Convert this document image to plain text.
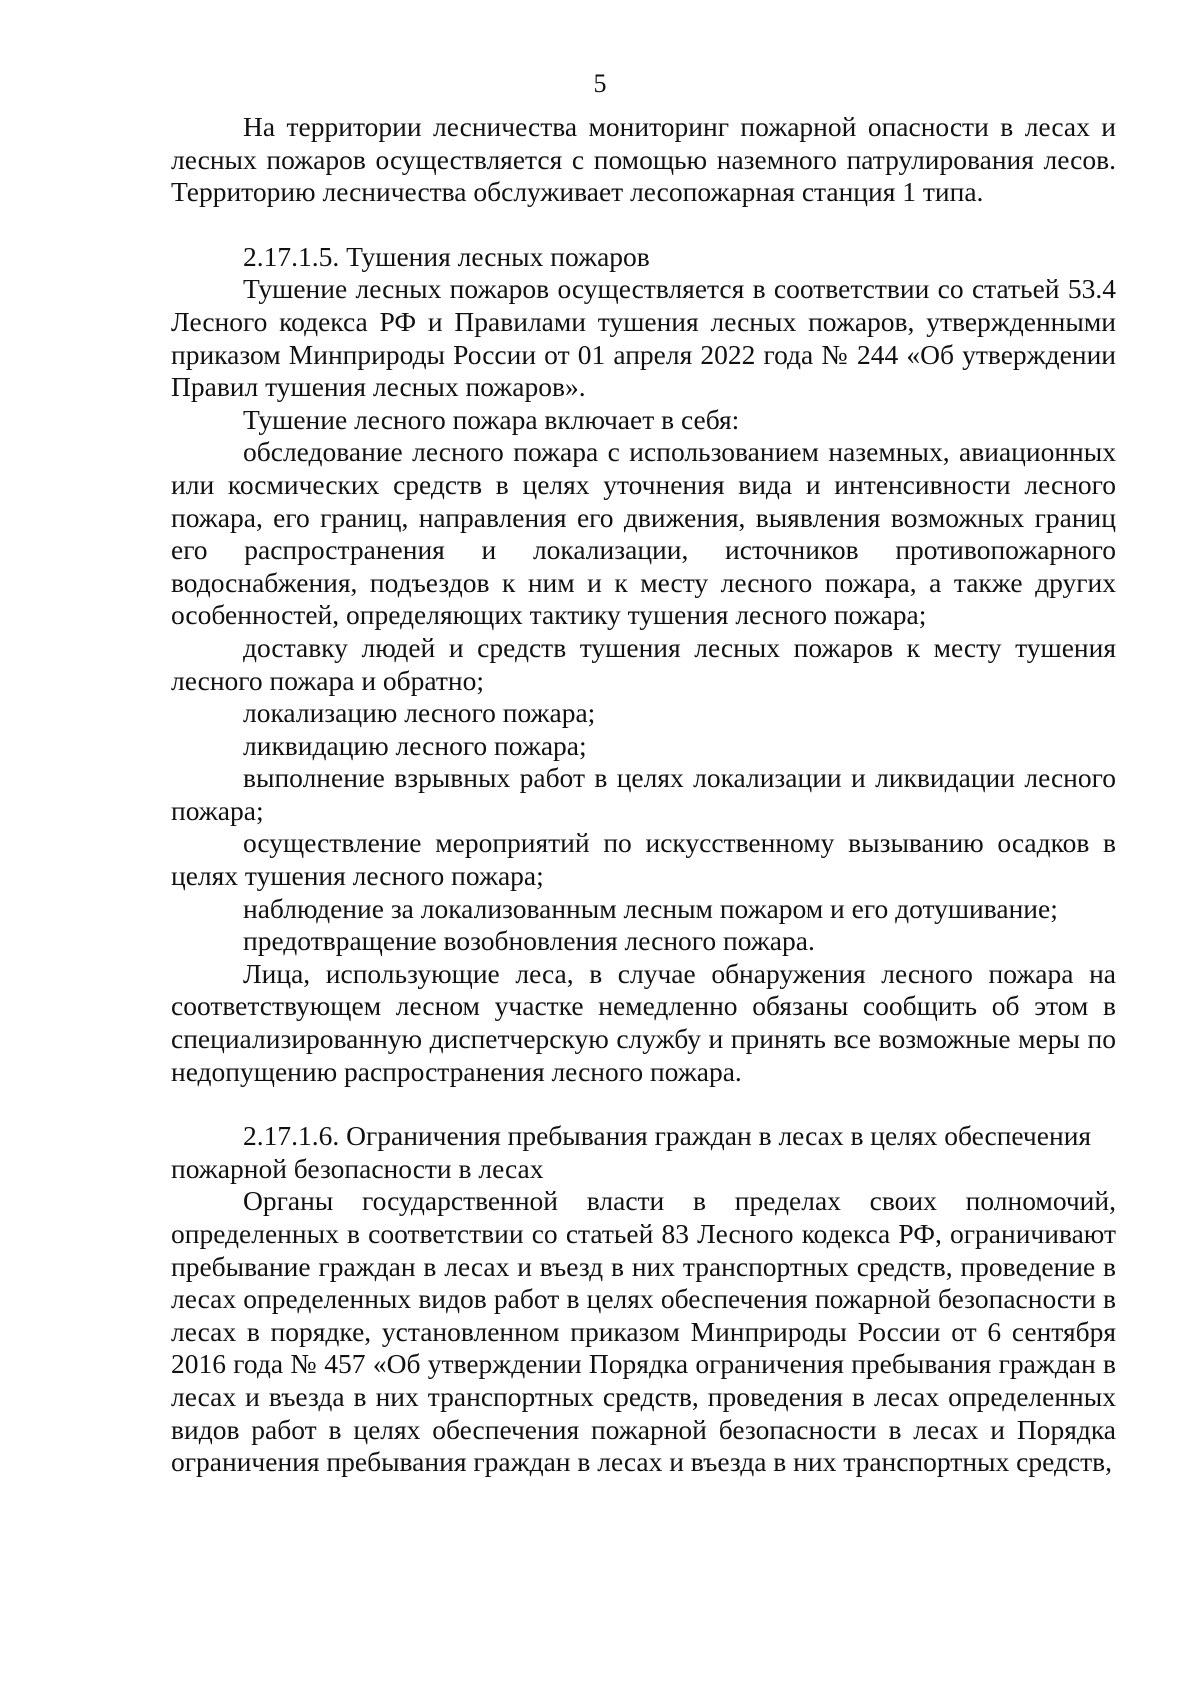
5

На территории лесничества мониторинг пожарной опасности в лесах и лесных пожаров осуществляется с помощью наземного патрулирования лесов. Территорию лесничества обслуживает лесопожарная станция 1 типа.

2.17.1.5. Тушения лесных пожаров

Тушение лесных пожаров осуществляется в соответствии со статьей 53.4 Лесного кодекса РФ и Правилами тушения лесных пожаров, утвержденными приказом Минприроды России от 01 апреля 2022 года № 244 «Об утверждении Правил тушения лесных пожаров».

Тушение лесного пожара включает в себя:

обследование лесного пожара с использованием наземных, авиационных или космических средств в целях уточнения вида и интенсивности лесного пожара, его границ, направления его движения, выявления возможных границ его распространения и локализации, источников противопожарного водоснабжения, подъездов к ним и к месту лесного пожара, а также других особенностей, определяющих тактику тушения лесного пожара;

доставку людей и средств тушения лесных пожаров к месту тушения лесного пожара и обратно;

локализацию лесного пожара;

ликвидацию лесного пожара;

выполнение взрывных работ в целях локализации и ликвидации лесного пожара;

осуществление мероприятий по искусственному вызыванию осадков в целях тушения лесного пожара;

наблюдение за локализованным лесным пожаром и его дотушивание;

предотвращение возобновления лесного пожара.

Лица, использующие леса, в случае обнаружения лесного пожара на соответствующем лесном участке немедленно обязаны сообщить об этом в специализированную диспетчерскую службу и принять все возможные меры по недопущению распространения лесного пожара.

2.17.1.6. Ограничения пребывания граждан в лесах в целях обеспечения пожарной безопасности в лесах

Органы государственной власти в пределах своих полномочий, определенных в соответствии со статьей 83 Лесного кодекса РФ, ограничивают пребывание граждан в лесах и въезд в них транспортных средств, проведение в лесах определенных видов работ в целях обеспечения пожарной безопасности в лесах в порядке, установленном приказом Минприроды России от 6 сентября 2016 года № 457 «Об утверждении Порядка ограничения пребывания граждан в лесах и въезда в них транспортных средств, проведения в лесах определенных видов работ в целях обеспечения пожарной безопасности в лесах и Порядка ограничения пребывания граждан в лесах и въезда в них транспортных средств,
